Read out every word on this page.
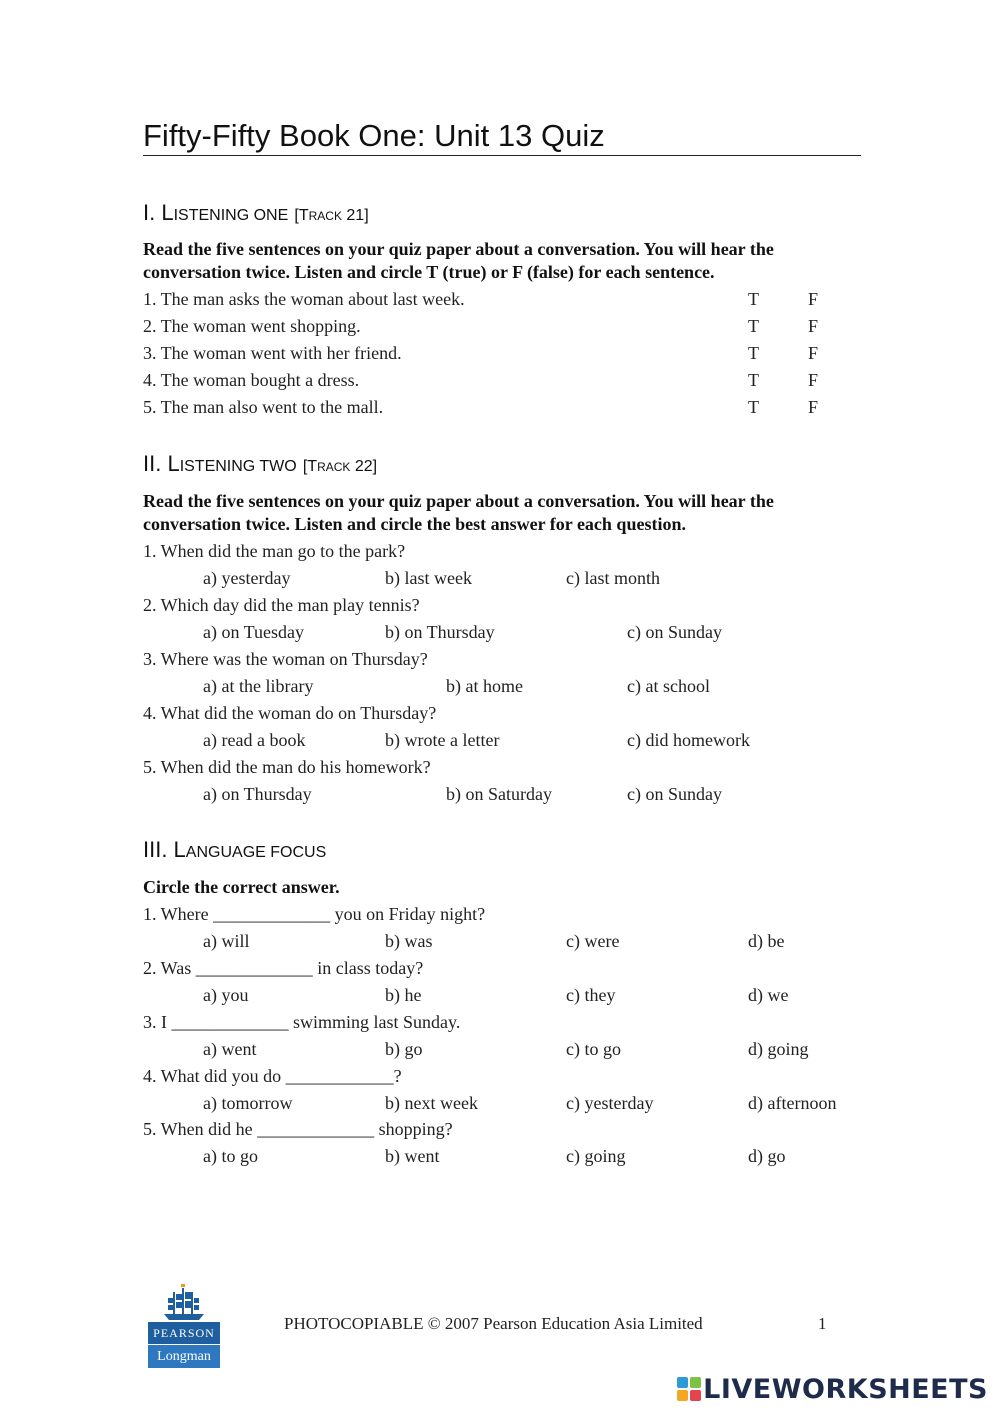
Fifty-Fifty Book One: Unit 13 Quiz
I. LISTENING ONE [TRACK 21]
Read the five sentences on your quiz paper about a conversation. You will hear the conversation twice. Listen and circle T (true) or F (false) for each sentence.
1. The man asks the woman about last week.	T	F
2. The woman went shopping.	T	F
3. The woman went with her friend.	T	F
4. The woman bought a dress.	T	F
5. The man also went to the mall.	T	F
II. LISTENING TWO [TRACK 22]
Read the five sentences on your quiz paper about a conversation. You will hear the conversation twice. Listen and circle the best answer for each question.
1. When did the man go to the park?
a) yesterday	b) last week	c) last month
2. Which day did the man play tennis?
a) on Tuesday	b) on Thursday	c) on Sunday
3. Where was the woman on Thursday?
a) at the library	b) at home	c) at school
4. What did the woman do on Thursday?
a) read a book	b) wrote a letter	c) did homework
5. When did the man do his homework?
a) on Thursday	b) on Saturday	c) on Sunday
III. LANGUAGE FOCUS
Circle the correct answer.
1. Where _____________ you on Friday night?
a) will	b) was	c) were	d) be
2. Was _____________ in class today?
a) you	b) he	c) they	d) we
3. I _____________ swimming last Sunday.
a) went	b) go	c) to go	d) going
4. What did you do ____________?
a) tomorrow	b) next week	c) yesterday	d) afternoon
5. When did he _____________ shopping?
a) to go	b) went	c) going	d) go
PEARSON
Longman
PHOTOCOPIABLE © 2007 Pearson Education Asia Limited	1
LIVEWORKSHEETS
